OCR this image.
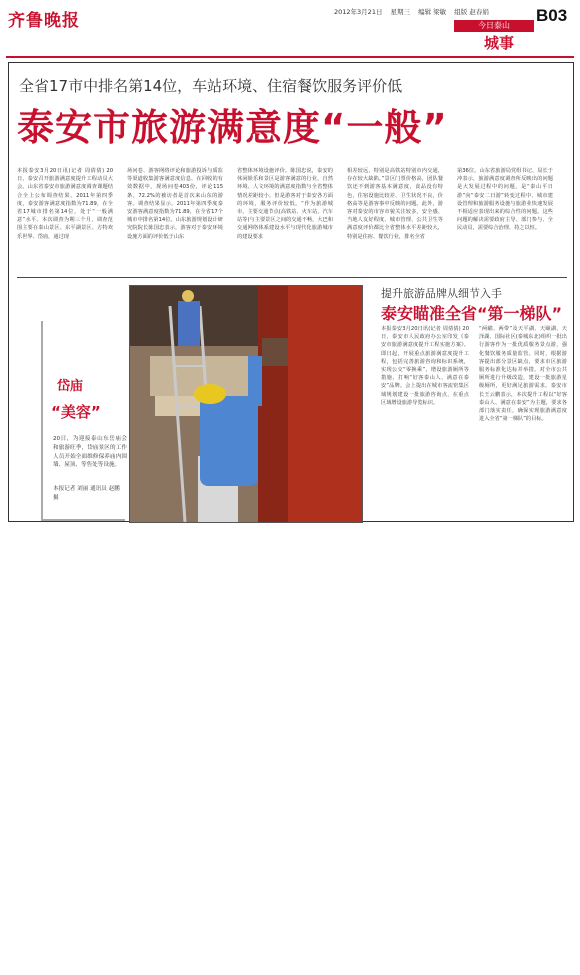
齐鲁晚报	2012年3月21日 星期三 编辑 梁敏 组版 赵春娟	B03
今日泰山
城事
全省17市中排名第14位，车站环境、住宿餐饮服务评价低
泰安市旅游满意度“一般”
本报泰安3月20日讯(记者 周倩倩) 20日，泰安召开旅游满意度提升工程动员大会。山东省泰安市旅游满意度调查课题结合全上公布调查结果，2011年第四季度，泰安游客满意度指数为71.89，在全省17城市排名第14位，处于“一般满意”水平。本次调查为期三个月，调查范围主要在泰山景区、东平湖景区、方特欢乐世界、岱庙，通过现
场问卷、游客网络评论和旅游投诉与质监等渠道收集游客满意度信息，在回收的有效数据中，现场问卷403份，评论115条。72.2%的被访者是首次来山东的游客。调查结果显示，2011年第四季度泰安游客满意度指数为71.89，在全省17个城市中排名第14位。山东旅游规划设计研究院院长陈国忠表示，游客对于泰安环境设施方面的评价低于山东
省整体环境设施评价。陈国忠说，泰安的休闲娱乐和景区是游客满意的行业，自然环境、人文环境的满意度指数与全省整体情况差距较小。但是游客对于泰安各方面的环境，服务评价较低。“作为旅游城市，主要交通节点(高铁站、火车站、汽车站等)与主要景区之间的交通不畅，大巴和交通网络体系建设水平与现代化旅游城市的建设要求
相差较远，特别是高铁站特别市内交通，存在较大缺陷。”景区门票价格高，团队餐饮还不到游客基本满意度，食品没有特色，住宿设施比较差、卫生状况不良，价格高等是游客事中反映的问题。此外，游客对泰安的市容市貌关注较多，安全感、当地人友好程度、城市管理、公共卫生等满意度评价都比全省整体水平差距较大，特别是住宿、餐饮行业，排名全省
第36位。山东省旅游局党组书记、局长于冲表示，旅游满意度调查所反映出的问题是大发展过程中的问题，是“泰山平日游”向“泰安二日游”转变过程中、城市建设管理和旅游服务设施与旅游业快速发展不相适应表现出来的综合性的问题。这些问题的解决需要政府主导、部门参与、全民动员，需要综合治理、持之以恒。
岱庙
“美容”
20日，为迎接泰山东岳庙会和旅游旺季，岱庙景区的工作人员开始全面维修保养庙内围墙、屋顶、等售处等设施。
本报记者 刘丽 通讯员 赵鹏 摄
提升旅游品牌从细节入手
泰安瞄准全省“第一梯队”
本报泰安3月20日讯(记者 周倩倩) 20日，泰安市人民政府办公室印发《泰安市旅游满意度提升工程实施方案》。即日起，开展重点旅游满意度提升工程，包括完善旅游咨询和标识系统，实现公交“零换乘”，增设旅游厕所等措施，打响“好客泰山人、满意在泰安”品牌。会上提出在城市客流密集区域规划建设一批旅游咨询点，在重点区域增设旅游导览标识。
“两瞄、两带”及天平湖、天颐湖、天泽湖、国际社区(泰城东北)组织一批出行游客作为一批优质服务景点游，强化餐饮服务质量监管。同时，根据游客提出部分景区缺点，要求市区旅游服务标准化达标并举措。对全市公共厕所进行升级改造，建设一批旅游星级厕所，更好满足旅游需求。泰安市长王云鹏表示，本次提升工程以“好客泰山人、满意在泰安”为主题，要求各部门落实责任，确保实现旅游满意度进入全省“第一梯队”的目标。
